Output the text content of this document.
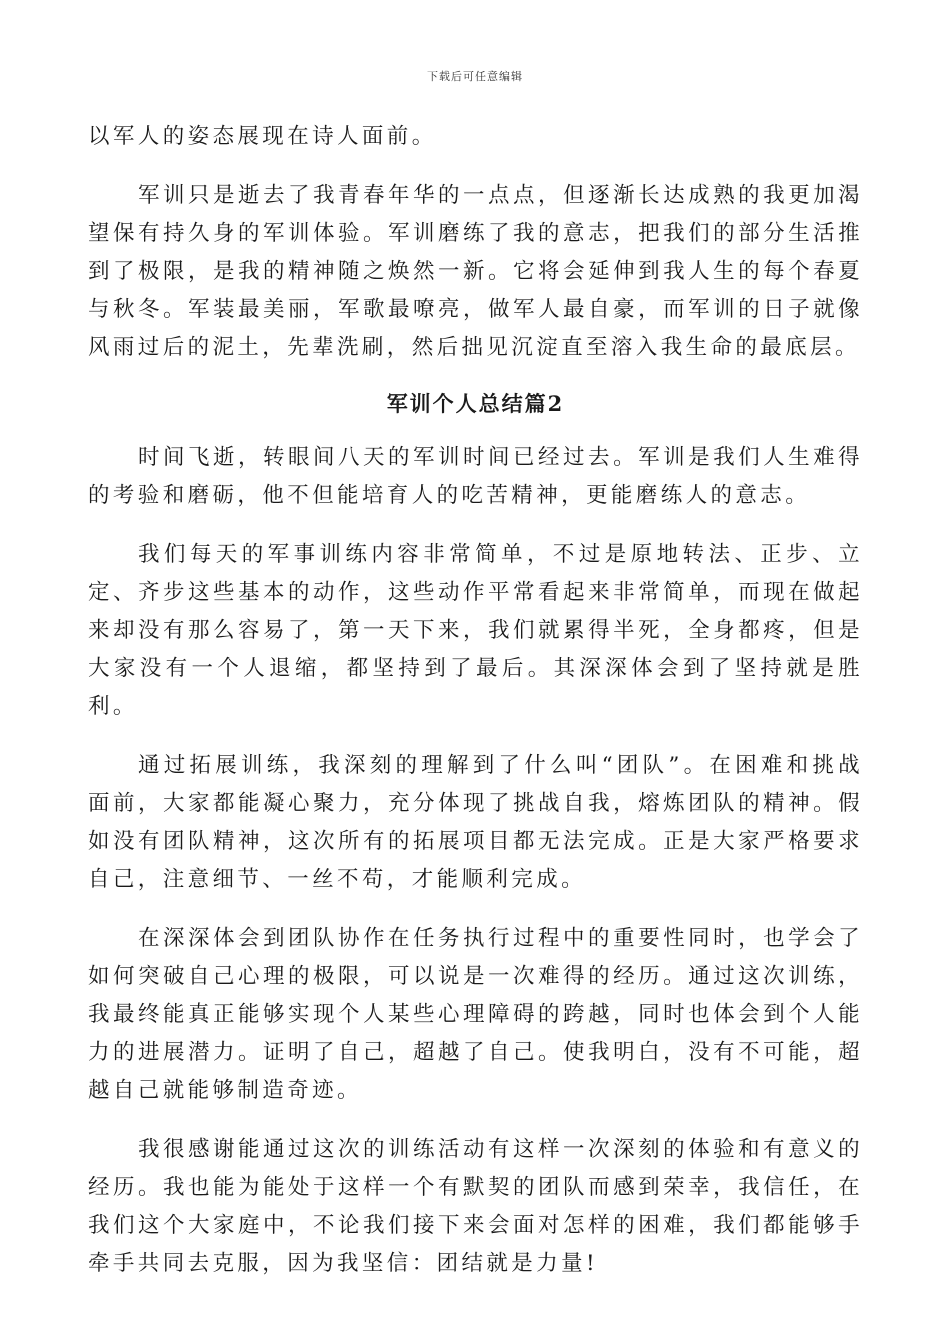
下载后可任意编辑

以军人的姿态展现在诗人面前。

军训只是逝去了我青春年华的一点点，但逐渐长达成熟的我更加渴望保有持久身的军训体验。军训磨练了我的意志，把我们的部分生活推到了极限，是我的精神随之焕然一新。它将会延伸到我人生的每个春夏与秋冬。军装最美丽，军歌最嘹亮，做军人最自豪，而军训的日子就像风雨过后的泥土，先辈洗刷，然后拙见沉淀直至溶入我生命的最底层。

军训个人总结篇2

时间飞逝，转眼间八天的军训时间已经过去。军训是我们人生难得的考验和磨砺，他不但能培育人的吃苦精神，更能磨练人的意志。

我们每天的军事训练内容非常简单，不过是原地转法、正步、立定、齐步这些基本的动作，这些动作平常看起来非常简单，而现在做起来却没有那么容易了，第一天下来，我们就累得半死，全身都疼，但是大家没有一个人退缩，都坚持到了最后。其深深体会到了坚持就是胜利。

通过拓展训练，我深刻的理解到了什么叫“团队”。在困难和挑战面前，大家都能凝心聚力，充分体现了挑战自我，熔炼团队的精神。假如没有团队精神，这次所有的拓展项目都无法完成。正是大家严格要求自己，注意细节、一丝不苟，才能顺利完成。

在深深体会到团队协作在任务执行过程中的重要性同时，也学会了如何突破自己心理的极限，可以说是一次难得的经历。通过这次训练，我最终能真正能够实现个人某些心理障碍的跨越，同时也体会到个人能力的进展潜力。证明了自己，超越了自己。使我明白，没有不可能，超越自己就能够制造奇迹。

我很感谢能通过这次的训练活动有这样一次深刻的体验和有意义的经历。我也能为能处于这样一个有默契的团队而感到荣幸，我信任，在我们这个大家庭中，不论我们接下来会面对怎样的困难，我们都能够手牵手共同去克服，因为我坚信：团结就是力量!
